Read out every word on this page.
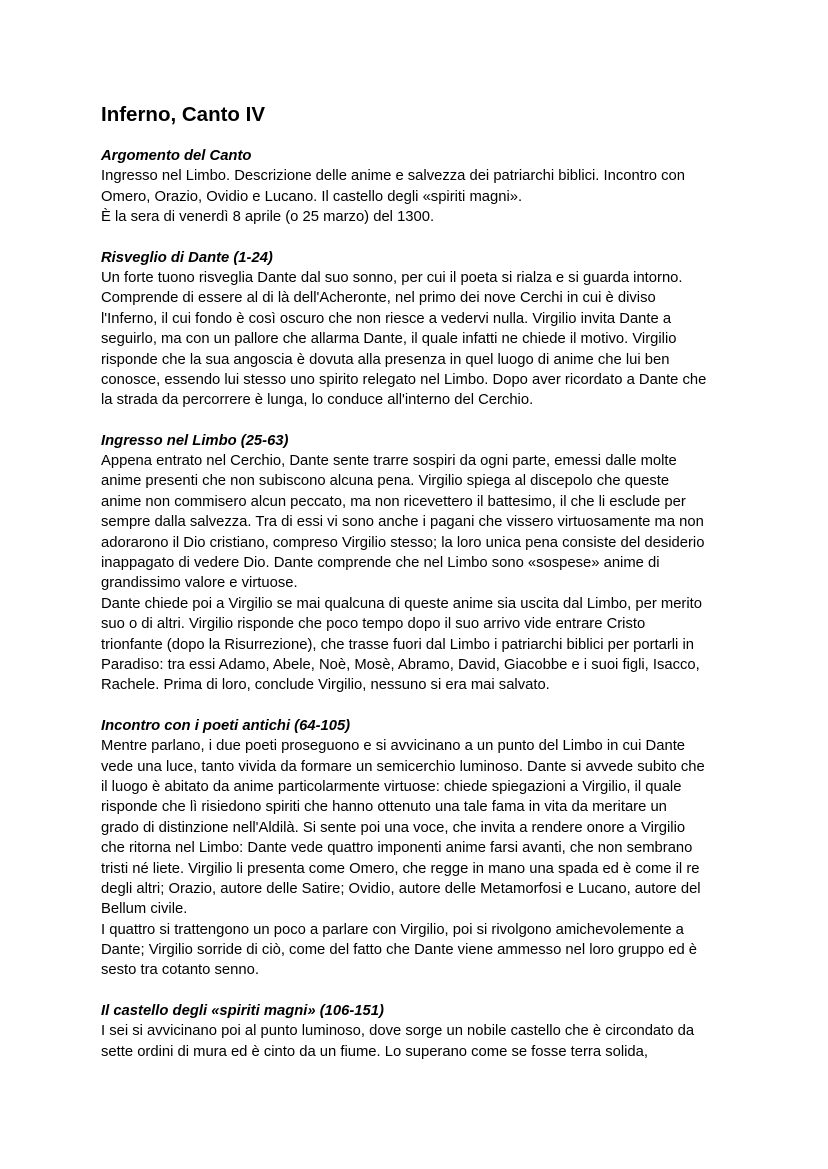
Inferno, Canto IV
Argomento del Canto
Ingresso nel Limbo. Descrizione delle anime e salvezza dei patriarchi biblici. Incontro con
Omero, Orazio, Ovidio e Lucano. Il castello degli «spiriti magni».
È la sera di venerdì 8 aprile (o 25 marzo) del 1300.
Risveglio di Dante (1-24)
Un forte tuono risveglia Dante dal suo sonno, per cui il poeta si rialza e si guarda intorno.
Comprende di essere al di là dell'Acheronte, nel primo dei nove Cerchi in cui è diviso
l'Inferno, il cui fondo è così oscuro che non riesce a vedervi nulla. Virgilio invita Dante a
seguirlo, ma con un pallore che allarma Dante, il quale infatti ne chiede il motivo. Virgilio
risponde che la sua angoscia è dovuta alla presenza in quel luogo di anime che lui ben
conosce, essendo lui stesso uno spirito relegato nel Limbo. Dopo aver ricordato a Dante che
la strada da percorrere è lunga, lo conduce all'interno del Cerchio.
Ingresso nel Limbo (25-63)
Appena entrato nel Cerchio, Dante sente trarre sospiri da ogni parte, emessi dalle molte
anime presenti che non subiscono alcuna pena. Virgilio spiega al discepolo che queste
anime non commisero alcun peccato, ma non ricevettero il battesimo, il che li esclude per
sempre dalla salvezza. Tra di essi vi sono anche i pagani che vissero virtuosamente ma non
adorarono il Dio cristiano, compreso Virgilio stesso; la loro unica pena consiste del desiderio
inappagato di vedere Dio. Dante comprende che nel Limbo sono «sospese» anime di
grandissimo valore e virtuose.
Dante chiede poi a Virgilio se mai qualcuna di queste anime sia uscita dal Limbo, per merito
suo o di altri. Virgilio risponde che poco tempo dopo il suo arrivo vide entrare Cristo
trionfante (dopo la Risurrezione), che trasse fuori dal Limbo i patriarchi biblici per portarli in
Paradiso: tra essi Adamo, Abele, Noè, Mosè, Abramo, David, Giacobbe e i suoi figli, Isacco,
Rachele. Prima di loro, conclude Virgilio, nessuno si era mai salvato.
Incontro con i poeti antichi (64-105)
Mentre parlano, i due poeti proseguono e si avvicinano a un punto del Limbo in cui Dante
vede una luce, tanto vivida da formare un semicerchio luminoso. Dante si avvede subito che
il luogo è abitato da anime particolarmente virtuose: chiede spiegazioni a Virgilio, il quale
risponde che lì risiedono spiriti che hanno ottenuto una tale fama in vita da meritare un
grado di distinzione nell'Aldilà. Si sente poi una voce, che invita a rendere onore a Virgilio
che ritorna nel Limbo: Dante vede quattro imponenti anime farsi avanti, che non sembrano
tristi né liete. Virgilio li presenta come Omero, che regge in mano una spada ed è come il re
degli altri; Orazio, autore delle Satire; Ovidio, autore delle Metamorfosi e Lucano, autore del
Bellum civile.
I quattro si trattengono un poco a parlare con Virgilio, poi si rivolgono amichevolemente a
Dante; Virgilio sorride di ciò, come del fatto che Dante viene ammesso nel loro gruppo ed è
sesto tra cotanto senno.
Il castello degli «spiriti magni» (106-151)
I sei si avvicinano poi al punto luminoso, dove sorge un nobile castello che è circondato da
sette ordini di mura ed è cinto da un fiume. Lo superano come se fosse terra solida,
